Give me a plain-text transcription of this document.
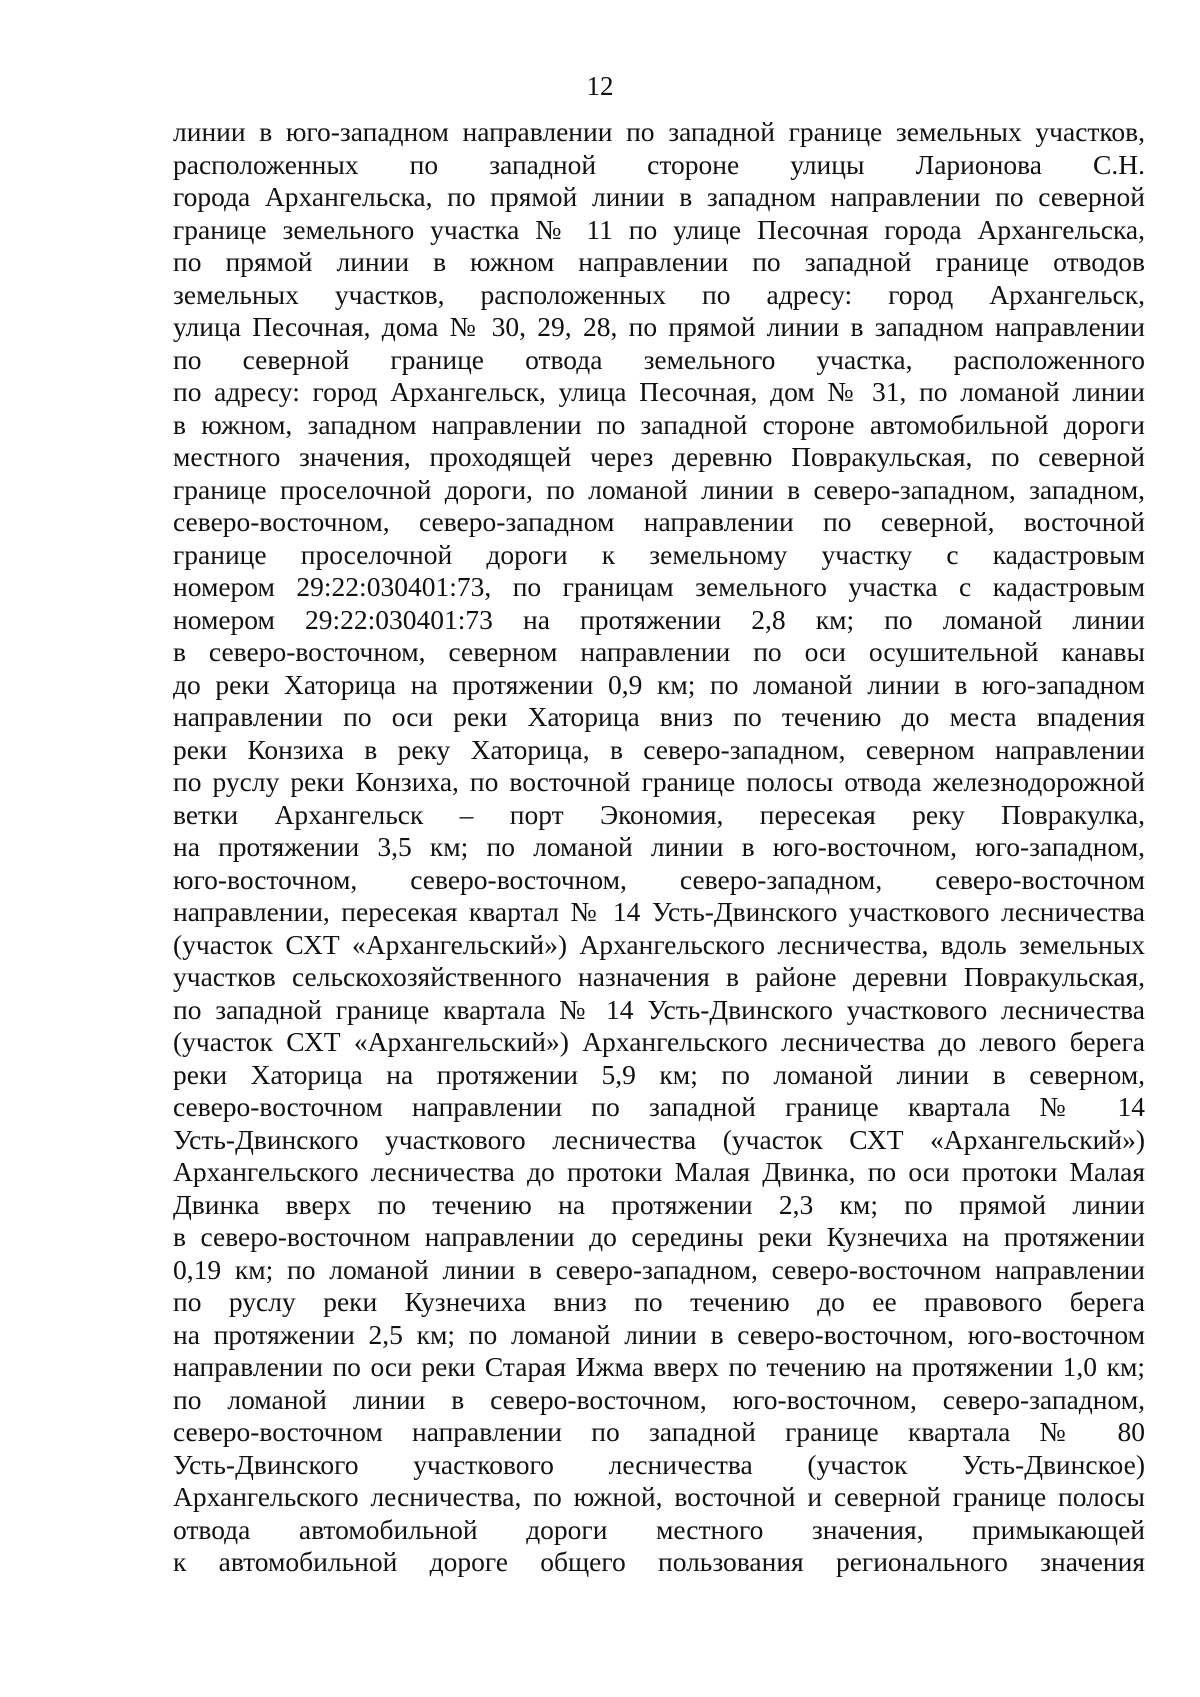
12
линии в юго-западном направлении по западной границе земельных участков,
расположенных по западной стороне улицы Ларионова С.Н.
города Архангельска, по прямой линии в западном направлении по северной
границе земельного участка № 11 по улице Песочная города Архангельска,
по прямой линии в южном направлении по западной границе отводов
земельных участков, расположенных по адресу: город Архангельск,
улица Песочная, дома № 30, 29, 28, по прямой линии в западном направлении
по северной границе отвода земельного участка, расположенного
по адресу: город Архангельск, улица Песочная, дом № 31, по ломаной линии
в южном, западном направлении по западной стороне автомобильной дороги
местного значения, проходящей через деревню Повракульская, по северной
границе проселочной дороги, по ломаной линии в северо-западном, западном,
северо-восточном, северо-западном направлении по северной, восточной
границе проселочной дороги к земельному участку с кадастровым
номером 29:22:030401:73, по границам земельного участка с кадастровым
номером 29:22:030401:73 на протяжении 2,8 км; по ломаной линии
в северо-восточном, северном направлении по оси осушительной канавы
до реки Хаторица на протяжении 0,9 км; по ломаной линии в юго-западном
направлении по оси реки Хаторица вниз по течению до места впадения
реки Конзиха в реку Хаторица, в северо-западном, северном направлении
по руслу реки Конзиха, по восточной границе полосы отвода железнодорожной
ветки Архангельск – порт Экономия, пересекая реку Повракулка,
на протяжении 3,5 км; по ломаной линии в юго-восточном, юго-западном,
юго-восточном, северо-восточном, северо-западном, северо-восточном
направлении, пересекая квартал № 14 Усть-Двинского участкового лесничества
(участок СХТ «Архангельский») Архангельского лесничества, вдоль земельных
участков сельскохозяйственного назначения в районе деревни Повракульская,
по западной границе квартала № 14 Усть-Двинского участкового лесничества
(участок СХТ «Архангельский») Архангельского лесничества до левого берега
реки Хаторица на протяжении 5,9 км; по ломаной линии в северном,
северо-восточном направлении по западной границе квартала № 14
Усть-Двинского участкового лесничества (участок СХТ «Архангельский»)
Архангельского лесничества до протоки Малая Двинка, по оси протоки Малая
Двинка вверх по течению на протяжении 2,3 км; по прямой линии
в северо-восточном направлении до середины реки Кузнечиха на протяжении
0,19 км; по ломаной линии в северо-западном, северо-восточном направлении
по руслу реки Кузнечиха вниз по течению до ее правового берега
на протяжении 2,5 км; по ломаной линии в северо-восточном, юго-восточном
направлении по оси реки Старая Ижма вверх по течению на протяжении 1,0 км;
по ломаной линии в северо-восточном, юго-восточном, северо-западном,
северо-восточном направлении по западной границе квартала № 80
Усть-Двинского участкового лесничества (участок Усть-Двинское)
Архангельского лесничества, по южной, восточной и северной границе полосы
отвода автомобильной дороги местного значения, примыкающей
к автомобильной дороге общего пользования регионального значения
